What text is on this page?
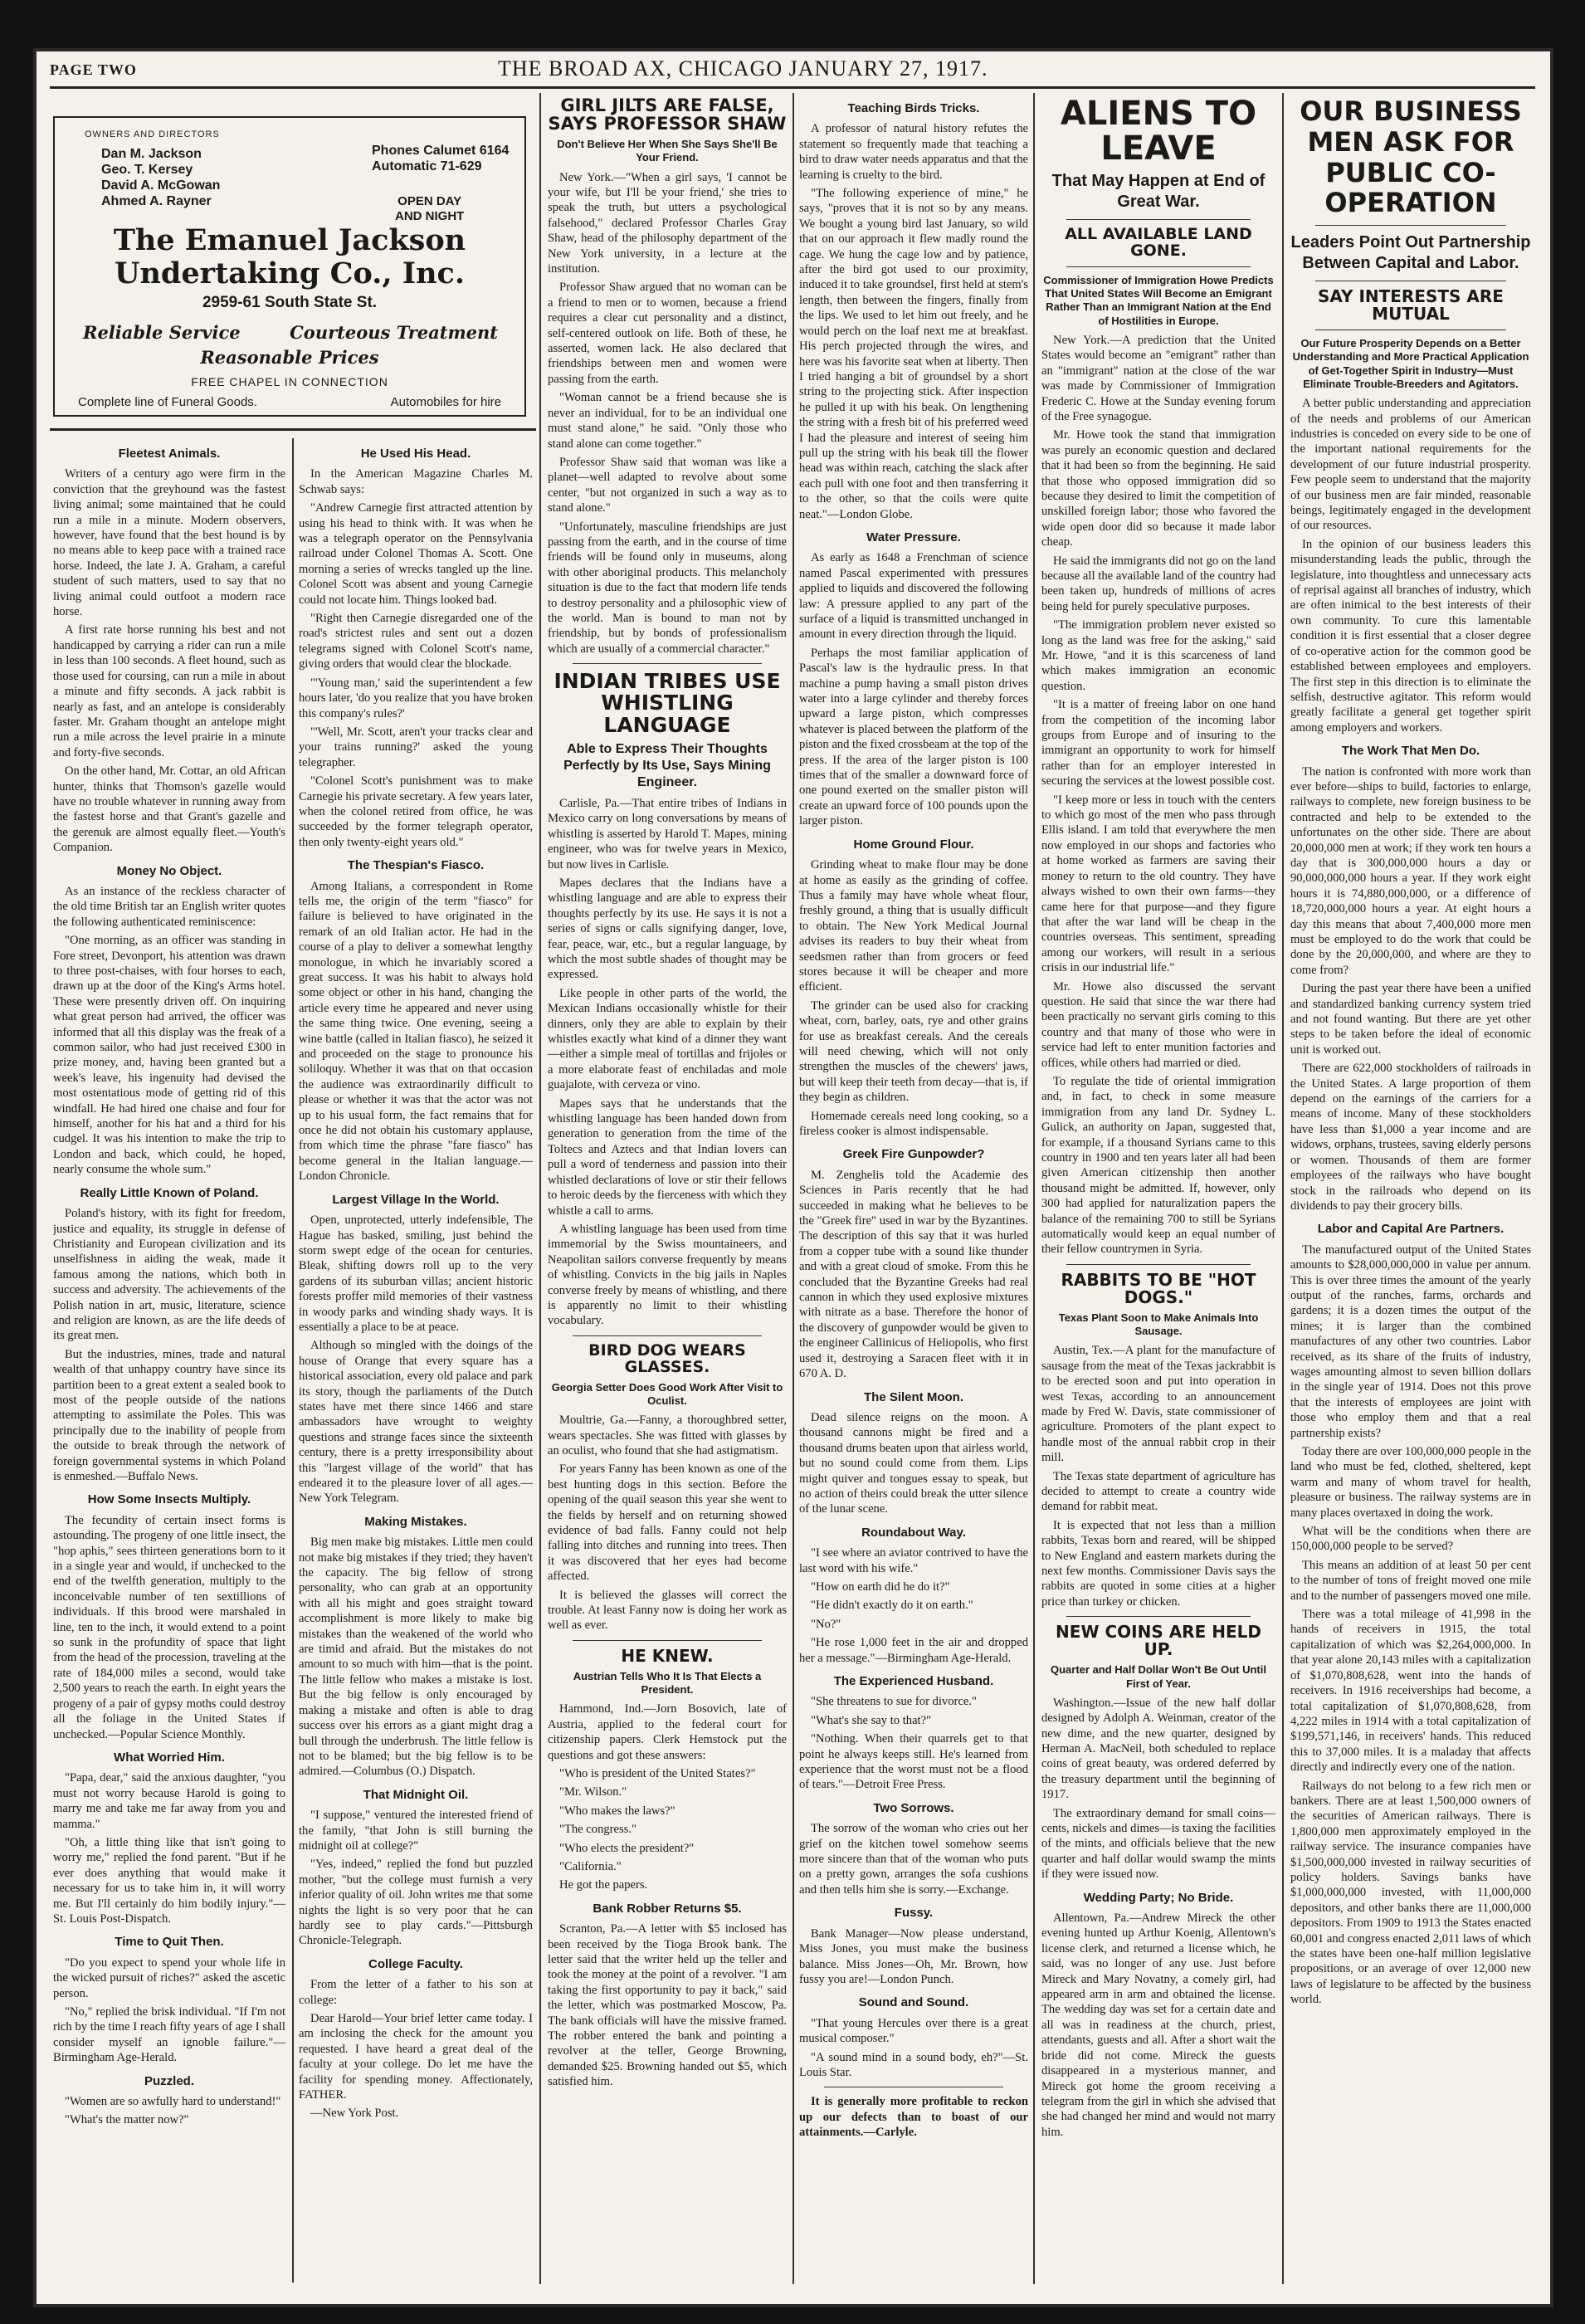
PAGE TWO	THE BROAD AX, CHICAGO JANUARY 27, 1917.
OWNERS AND DIRECTORS
Dan M. Jackson
Geo. T. Kersey
David A. McGowan
Ahmed A. Rayner
Phones Calumet 6164
Automatic 71-629
OPEN DAY
AND NIGHT
The Emanuel Jackson
Undertaking Co., Inc.
2959-61 South State St.
Reliable Service	Courteous Treatment
Reasonable Prices
FREE CHAPEL IN CONNECTION
Complete line of Funeral Goods.	Automobiles for hire
Fleetest Animals.

Writers of a century ago were firm in the conviction that the greyhound was the fastest living animal; some maintained that he could run a mile in a minute. Modern observers, however, have found that the best hound is by no means able to keep pace with a trained race horse. Indeed, the late J. A. Graham, a careful student of such matters, used to say that no living animal could outfoot a modern race horse.

A first rate horse running his best and not handicapped by carrying a rider can run a mile in less than 100 seconds. A fleet hound, such as those used for coursing, can run a mile in about a minute and fifty seconds. A jack rabbit is nearly as fast, and an antelope is considerably faster. Mr. Graham thought an antelope might run a mile across the level prairie in a minute and forty-five seconds.

On the other hand, Mr. Cottar, an old African hunter, thinks that Thomson's gazelle would have no trouble whatever in running away from the fastest horse and that Grant's gazelle and the gerenuk are almost equally fleet.—Youth's Companion.

Money No Object.

As an instance of the reckless character of the old time British tar an English writer quotes the following authenticated reminiscence:

"One morning, as an officer was standing in Fore street, Devonport, his attention was drawn to three post-chaises, with four horses to each, drawn up at the door of the King's Arms hotel. These were presently driven off. On inquiring what great person had arrived, the officer was informed that all this display was the freak of a common sailor, who had just received £300 in prize money, and, having been granted but a week's leave, his ingenuity had devised the most ostentatious mode of getting rid of this windfall. He had hired one chaise and four for himself, another for his hat and a third for his cudgel. It was his intention to make the trip to London and back, which could, he hoped, nearly consume the whole sum."

Really Little Known of Poland.

Poland's history, with its fight for freedom, justice and equality, its struggle in defense of Christianity and European civilization and its unselfishness in aiding the weak, made it famous among the nations, which both in success and adversity. The achievements of the Polish nation in art, music, literature, science and religion are known, as are the life deeds of its great men.

But the industries, mines, trade and natural wealth of that unhappy country have since its partition been to a great extent a sealed book to most of the people outside of the nations attempting to assimilate the Poles. This was principally due to the inability of people from the outside to break through the network of foreign governmental systems in which Poland is enmeshed.—Buffalo News.

How Some Insects Multiply.

The fecundity of certain insect forms is astounding. The progeny of one little insect, the "hop aphis," sees thirteen generations born to it in a single year and would, if unchecked to the end of the twelfth generation, multiply to the inconceivable number of ten sextillions of individuals. If this brood were marshaled in line, ten to the inch, it would extend to a point so sunk in the profundity of space that light from the head of the procession, traveling at the rate of 184,000 miles a second, would take 2,500 years to reach the earth. In eight years the progeny of a pair of gypsy moths could destroy all the foliage in the United States if unchecked.—Popular Science Monthly.

What Worried Him.

"Papa, dear," said the anxious daughter, "you must not worry because Harold is going to marry me and take me far away from you and mamma."

"Oh, a little thing like that isn't going to worry me," replied the fond parent. "But if he ever does anything that would make it necessary for us to take him in, it will worry me. But I'll certainly do him bodily injury."—St. Louis Post-Dispatch.

Time to Quit Then.

"Do you expect to spend your whole life in the wicked pursuit of riches?" asked the ascetic person.

"No," replied the brisk individual. "If I'm not rich by the time I reach fifty years of age I shall consider myself an ignoble failure."—Birmingham Age-Herald.

Puzzled.

"Women are so awfully hard to understand!"

"What's the matter now?"

He Used His Head.

In the American Magazine Charles M. Schwab says:

"Andrew Carnegie first attracted attention by using his head to think with. It was when he was a telegraph operator on the Pennsylvania railroad under Colonel Thomas A. Scott. One morning a series of wrecks tangled up the line. Colonel Scott was absent and young Carnegie could not locate him. Things looked bad.

"Right then Carnegie disregarded one of the road's strictest rules and sent out a dozen telegrams signed with Colonel Scott's name, giving orders that would clear the blockade.

"'Young man,' said the superintendent a few hours later, 'do you realize that you have broken this company's rules?'

"'Well, Mr. Scott, aren't your tracks clear and your trains running?' asked the young telegrapher.

"Colonel Scott's punishment was to make Carnegie his private secretary. A few years later, when the colonel retired from office, he was succeeded by the former telegraph operator, then only twenty-eight years old."

The Thespian's Fiasco.

Among Italians, a correspondent in Rome tells me, the origin of the term "fiasco" for failure is believed to have originated in the remark of an old Italian actor. He had in the course of a play to deliver a somewhat lengthy monologue, in which he invariably scored a great success. It was his habit to always hold some object or other in his hand, changing the article every time he appeared and never using the same thing twice. One evening, seeing a wine battle (called in Italian fiasco), he seized it and proceeded on the stage to pronounce his soliloquy. Whether it was that on that occasion the audience was extraordinarily difficult to please or whether it was that the actor was not up to his usual form, the fact remains that for once he did not obtain his customary applause, from which time the phrase "fare fiasco" has become general in the Italian language.—London Chronicle.

Largest Village In the World.

Open, unprotected, utterly indefensible, The Hague has basked, smiling, just behind the storm swept edge of the ocean for centuries. Bleak, shifting dowrs roll up to the very gardens of its suburban villas; ancient historic forests proffer mild memories of their vastness in woody parks and winding shady ways. It is essentially a place to be at peace.

Although so mingled with the doings of the house of Orange that every square has a historical association, every old palace and park its story, though the parliaments of the Dutch states have met there since 1466 and stare ambassadors have wrought to weighty questions and strange faces since the sixteenth century, there is a pretty irresponsibility about this "largest village of the world" that has endeared it to the pleasure lover of all ages.—New York Telegram.

Making Mistakes.

Big men make big mistakes. Little men could not make big mistakes if they tried; they haven't the capacity. The big fellow of strong personality, who can grab at an opportunity with all his might and goes straight toward accomplishment is more likely to make big mistakes than the weakened of the world who are timid and afraid. But the mistakes do not amount to so much with him—that is the point. The little fellow who makes a mistake is lost. But the big fellow is only encouraged by making a mistake and often is able to drag success over his errors as a giant might drag a bull through the underbrush. The little fellow is not to be blamed; but the big fellow is to be admired.—Columbus (O.) Dispatch.

That Midnight Oil.

"I suppose," ventured the interested friend of the family, "that John is still burning the midnight oil at college?"

"Yes, indeed," replied the fond but puzzled mother, "but the college must furnish a very inferior quality of oil. John writes me that some nights the light is so very poor that he can hardly see to play cards."—Pittsburgh Chronicle-Telegraph.

College Faculty.

From the letter of a father to his son at college:

Dear Harold—Your brief letter came today. I am inclosing the check for the amount you requested. I have heard a great deal of the faculty at your college. Do let me have the facility for spending money. Affectionately, FATHER.

—New York Post.

GIRL JILTS ARE FALSE, SAYS PROFESSOR SHAW
Don't Believe Her When She Says She'll Be Your Friend.

New York.—"When a girl says, 'I cannot be your wife, but I'll be your friend,' she tries to speak the truth, but utters a psychological falsehood," declared Professor Charles Gray Shaw, head of the philosophy department of the New York university, in a lecture at the institution.

Professor Shaw argued that no woman can be a friend to men or to women, because a friend requires a clear cut personality and a distinct, self-centered outlook on life. Both of these, he asserted, women lack. He also declared that friendships between men and women were passing from the earth.

"Woman cannot be a friend because she is never an individual, for to be an individual one must stand alone," he said. "Only those who stand alone can come together."

Professor Shaw said that woman was like a planet—well adapted to revolve about some center, "but not organized in such a way as to stand alone."

"Unfortunately, masculine friendships are just passing from the earth, and in the course of time friends will be found only in museums, along with other aboriginal products. This melancholy situation is due to the fact that modern life tends to destroy personality and a philosophic view of the world. Man is bound to man not by friendship, but by bonds of professionalism which are usually of a commercial character."

INDIAN TRIBES USE WHISTLING LANGUAGE
Able to Express Their Thoughts Perfectly by Its Use, Says Mining Engineer.

Carlisle, Pa.—That entire tribes of Indians in Mexico carry on long conversations by means of whistling is asserted by Harold T. Mapes, mining engineer, who was for twelve years in Mexico, but now lives in Carlisle.

Mapes declares that the Indians have a whistling language and are able to express their thoughts perfectly by its use. He says it is not a series of signs or calls signifying danger, love, fear, peace, war, etc., but a regular language, by which the most subtle shades of thought may be expressed.

Like people in other parts of the world, the Mexican Indians occasionally whistle for their dinners, only they are able to explain by their whistles exactly what kind of a dinner they want—either a simple meal of tortillas and frijoles or a more elaborate feast of enchiladas and mole guajalote, with cerveza or vino.

Mapes says that he understands that the whistling language has been handed down from generation to generation from the time of the Toltecs and Aztecs and that Indian lovers can pull a word of tenderness and passion into their whistled declarations of love or stir their fellows to heroic deeds by the fierceness with which they whistle a call to arms.

A whistling language has been used from time immemorial by the Swiss mountaineers, and Neapolitan sailors converse frequently by means of whistling. Convicts in the big jails in Naples converse freely by means of whistling, and there is apparently no limit to their whistling vocabulary.

BIRD DOG WEARS GLASSES.
Georgia Setter Does Good Work After Visit to Oculist.

Moultrie, Ga.—Fanny, a thoroughbred setter, wears spectacles. She was fitted with glasses by an oculist, who found that she had astigmatism.

For years Fanny has been known as one of the best hunting dogs in this section. Before the opening of the quail season this year she went to the fields by herself and on returning showed evidence of bad falls. Fanny could not help falling into ditches and running into trees. Then it was discovered that her eyes had become affected.

It is believed the glasses will correct the trouble. At least Fanny now is doing her work as well as ever.

HE KNEW.
Austrian Tells Who It Is That Elects a President.

Hammond, Ind.—Jorn Bosovich, late of Austria, applied to the federal court for citizenship papers. Clerk Hemstock put the questions and got these answers:

"Who is president of the United States?"

"Mr. Wilson."

"Who makes the laws?"

"The congress."

"Who elects the president?"

"California."

He got the papers.

Bank Robber Returns $5.

Scranton, Pa.—A letter with $5 inclosed has been received by the Tioga Brook bank. The letter said that the writer held up the teller and took the money at the point of a revolver. "I am taking the first opportunity to pay it back," said the letter, which was postmarked Moscow, Pa. The bank officials will have the missive framed. The robber entered the bank and pointing a revolver at the teller, George Browning, demanded $25. Browning handed out $5, which satisfied him.

Teaching Birds Tricks.

A professor of natural history refutes the statement so frequently made that teaching a bird to draw water needs apparatus and that the learning is cruelty to the bird.

"The following experience of mine," he says, "proves that it is not so by any means. We bought a young bird last January, so wild that on our approach it flew madly round the cage. We hung the cage low and by patience, after the bird got used to our proximity, induced it to take groundsel, first held at stem's length, then between the fingers, finally from the lips. We used to let him out freely, and he would perch on the loaf next me at breakfast. His perch projected through the wires, and here was his favorite seat when at liberty. Then I tried hanging a bit of groundsel by a short string to the projecting stick. After inspection he pulled it up with his beak. On lengthening the string with a fresh bit of his preferred weed I had the pleasure and interest of seeing him pull up the string with his beak till the flower head was within reach, catching the slack after each pull with one foot and then transferring it to the other, so that the coils were quite neat."—London Globe.

Water Pressure.

As early as 1648 a Frenchman of science named Pascal experimented with pressures applied to liquids and discovered the following law: A pressure applied to any part of the surface of a liquid is transmitted unchanged in amount in every direction through the liquid.

Perhaps the most familiar application of Pascal's law is the hydraulic press. In that machine a pump having a small piston drives water into a large cylinder and thereby forces upward a large piston, which compresses whatever is placed between the platform of the piston and the fixed crossbeam at the top of the press. If the area of the larger piston is 100 times that of the smaller a downward force of one pound exerted on the smaller piston will create an upward force of 100 pounds upon the larger piston.

Home Ground Flour.

Grinding wheat to make flour may be done at home as easily as the grinding of coffee. Thus a family may have whole wheat flour, freshly ground, a thing that is usually difficult to obtain. The New York Medical Journal advises its readers to buy their wheat from seedsmen rather than from grocers or feed stores because it will be cheaper and more efficient.

The grinder can be used also for cracking wheat, corn, barley, oats, rye and other grains for use as breakfast cereals. And the cereals will need chewing, which will not only strengthen the muscles of the chewers' jaws, but will keep their teeth from decay—that is, if they begin as children.

Homemade cereals need long cooking, so a fireless cooker is almost indispensable.

Greek Fire Gunpowder?

M. Zenghelis told the Academie des Sciences in Paris recently that he had succeeded in making what he believes to be the "Greek fire" used in war by the Byzantines. The description of this say that it was hurled from a copper tube with a sound like thunder and with a great cloud of smoke. From this he concluded that the Byzantine Greeks had real cannon in which they used explosive mixtures with nitrate as a base. Therefore the honor of the discovery of gunpowder would be given to the engineer Callinicus of Heliopolis, who first used it, destroying a Saracen fleet with it in 670 A. D.

The Silent Moon.

Dead silence reigns on the moon. A thousand cannons might be fired and a thousand drums beaten upon that airless world, but no sound could come from them. Lips might quiver and tongues essay to speak, but no action of theirs could break the utter silence of the lunar scene.

Roundabout Way.

"I see where an aviator contrived to have the last word with his wife."

"How on earth did he do it?"

"He didn't exactly do it on earth."

"No?"

"He rose 1,000 feet in the air and dropped her a message."—Birmingham Age-Herald.

The Experienced Husband.

"She threatens to sue for divorce."

"What's she say to that?"

"Nothing. When their quarrels get to that point he always keeps still. He's learned from experience that the worst must not be a flood of tears."—Detroit Free Press.

Two Sorrows.

The sorrow of the woman who cries out her grief on the kitchen towel somehow seems more sincere than that of the woman who puts on a pretty gown, arranges the sofa cushions and then tells him she is sorry.—Exchange.

Fussy.

Bank Manager—Now please understand, Miss Jones, you must make the business balance. Miss Jones—Oh, Mr. Brown, how fussy you are!—London Punch.

Sound and Sound.

"That young Hercules over there is a great musical composer."

"A sound mind in a sound body, eh?"—St. Louis Star.

It is generally more profitable to reckon up our defects than to boast of our attainments.—Carlyle.

ALIENS TO LEAVE
That May Happen at End of Great War.
ALL AVAILABLE LAND GONE.
Commissioner of Immigration Howe Predicts That United States Will Become an Emigrant Rather Than an Immigrant Nation at the End of Hostilities in Europe.

New York.—A prediction that the United States would become an "emigrant" rather than an "immigrant" nation at the close of the war was made by Commissioner of Immigration Frederic C. Howe at the Sunday evening forum of the Free synagogue.

Mr. Howe took the stand that immigration was purely an economic question and declared that it had been so from the beginning. He said that those who opposed immigration did so because they desired to limit the competition of unskilled foreign labor; those who favored the wide open door did so because it made labor cheap.

He said the immigrants did not go on the land because all the available land of the country had been taken up, hundreds of millions of acres being held for purely speculative purposes.

"The immigration problem never existed so long as the land was free for the asking," said Mr. Howe, "and it is this scarceness of land which makes immigration an economic question.

"It is a matter of freeing labor on one hand from the competition of the incoming labor groups from Europe and of insuring to the immigrant an opportunity to work for himself rather than for an employer interested in securing the services at the lowest possible cost.

"I keep more or less in touch with the centers to which go most of the men who pass through Ellis island. I am told that everywhere the men now employed in our shops and factories who at home worked as farmers are saving their money to return to the old country. They have always wished to own their own farms—they came here for that purpose—and they figure that after the war land will be cheap in the countries overseas. This sentiment, spreading among our workers, will result in a serious crisis in our industrial life."

Mr. Howe also discussed the servant question. He said that since the war there had been practically no servant girls coming to this country and that many of those who were in service had left to enter munition factories and offices, while others had married or died.

To regulate the tide of oriental immigration and, in fact, to check in some measure immigration from any land Dr. Sydney L. Gulick, an authority on Japan, suggested that, for example, if a thousand Syrians came to this country in 1900 and ten years later all had been given American citizenship then another thousand might be admitted. If, however, only 300 had applied for naturalization papers the balance of the remaining 700 to still be Syrians automatically would keep an equal number of their fellow countrymen in Syria.

RABBITS TO BE "HOT DOGS."
Texas Plant Soon to Make Animals Into Sausage.

Austin, Tex.—A plant for the manufacture of sausage from the meat of the Texas jackrabbit is to be erected soon and put into operation in west Texas, according to an announcement made by Fred W. Davis, state commissioner of agriculture. Promoters of the plant expect to handle most of the annual rabbit crop in their mill.

The Texas state department of agriculture has decided to attempt to create a country wide demand for rabbit meat.

It is expected that not less than a million rabbits, Texas born and reared, will be shipped to New England and eastern markets during the next few months. Commissioner Davis says the rabbits are quoted in some cities at a higher price than turkey or chicken.

NEW COINS ARE HELD UP.
Quarter and Half Dollar Won't Be Out Until First of Year.

Washington.—Issue of the new half dollar designed by Adolph A. Weinman, creator of the new dime, and the new quarter, designed by Herman A. MacNeil, both scheduled to replace coins of great beauty, was ordered deferred by the treasury department until the beginning of 1917.

The extraordinary demand for small coins—cents, nickels and dimes—is taxing the facilities of the mints, and officials believe that the new quarter and half dollar would swamp the mints if they were issued now.

Wedding Party; No Bride.

Allentown, Pa.—Andrew Mireck the other evening hunted up Arthur Koenig, Allentown's license clerk, and returned a license which, he said, was no longer of any use. Just before Mireck and Mary Novatny, a comely girl, had appeared arm in arm and obtained the license. The wedding day was set for a certain date and all was in readiness at the church, priest, attendants, guests and all. After a short wait the bride did not come. Mireck the guests disappeared in a mysterious manner, and Mireck got home the groom receiving a telegram from the girl in which she advised that she had changed her mind and would not marry him.

OUR BUSINESS MEN ASK FOR PUBLIC CO-OPERATION
Leaders Point Out Partnership Between Capital and Labor.
SAY INTERESTS ARE MUTUAL
Our Future Prosperity Depends on a Better Understanding and More Practical Application of Get-Together Spirit in Industry—Must Eliminate Trouble-Breeders and Agitators.

A better public understanding and appreciation of the needs and problems of our American industries is conceded on every side to be one of the important national requirements for the development of our future industrial prosperity. Few people seem to understand that the majority of our business men are fair minded, reasonable beings, legitimately engaged in the development of our resources.

In the opinion of our business leaders this misunderstanding leads the public, through the legislature, into thoughtless and unnecessary acts of reprisal against all branches of industry, which are often inimical to the best interests of their own community. To cure this lamentable condition it is first essential that a closer degree of co-operative action for the common good be established between employees and employers. The first step in this direction is to eliminate the selfish, destructive agitator. This reform would greatly facilitate a general get together spirit among employers and workers.

The Work That Men Do.

The nation is confronted with more work than ever before—ships to build, factories to enlarge, railways to complete, new foreign business to be contracted and help to be extended to the unfortunates on the other side. There are about 20,000,000 men at work; if they work ten hours a day that is 300,000,000 hours a day or 90,000,000,000 hours a year. If they work eight hours it is 74,880,000,000, or a difference of 18,720,000,000 hours a year. At eight hours a day this means that about 7,400,000 more men must be employed to do the work that could be done by the 20,000,000, and where are they to come from?

During the past year there have been a unified and standardized banking currency system tried and not found wanting. But there are yet other steps to be taken before the ideal of economic unit is worked out.

There are 622,000 stockholders of railroads in the United States. A large proportion of them depend on the earnings of the carriers for a means of income. Many of these stockholders have less than $1,000 a year income and are widows, orphans, trustees, saving elderly persons or women. Thousands of them are former employees of the railways who have bought stock in the railroads who depend on its dividends to pay their grocery bills.

Labor and Capital Are Partners.

The manufactured output of the United States amounts to $28,000,000,000 in value per annum. This is over three times the amount of the yearly output of the ranches, farms, orchards and gardens; it is a dozen times the output of the mines; it is larger than the combined manufactures of any other two countries. Labor received, as its share of the fruits of industry, wages amounting almost to seven billion dollars in the single year of 1914. Does not this prove that the interests of employees are joint with those who employ them and that a real partnership exists?

Today there are over 100,000,000 people in the land who must be fed, clothed, sheltered, kept warm and many of whom travel for health, pleasure or business. The railway systems are in many places overtaxed in doing the work.

What will be the conditions when there are 150,000,000 people to be served?

This means an addition of at least 50 per cent to the number of tons of freight moved one mile and to the number of passengers moved one mile.

There was a total mileage of 41,998 in the hands of receivers in 1915, the total capitalization of which was $2,264,000,000. In that year alone 20,143 miles with a capitalization of $1,070,808,628, went into the hands of receivers. In 1916 receiverships had become, a total capitalization of $1,070,808,628, from 4,222 miles in 1914 with a total capitalization of $199,571,146, in receivers' hands. This reduced this to 37,000 miles. It is a maladay that affects directly and indirectly every one of the nation.

Railways do not belong to a few rich men or bankers. There are at least 1,500,000 owners of the securities of American railways. There is 1,800,000 men approximately employed in the railway service. The insurance companies have $1,500,000,000 invested in railway securities of policy holders. Savings banks have $1,000,000,000 invested, with 11,000,000 depositors, and other banks there are 11,000,000 depositors. From 1909 to 1913 the States enacted 60,001 and congress enacted 2,011 laws of which the states have been one-half million legislative propositions, or an average of over 12,000 new laws of legislature to be affected by the business world.
